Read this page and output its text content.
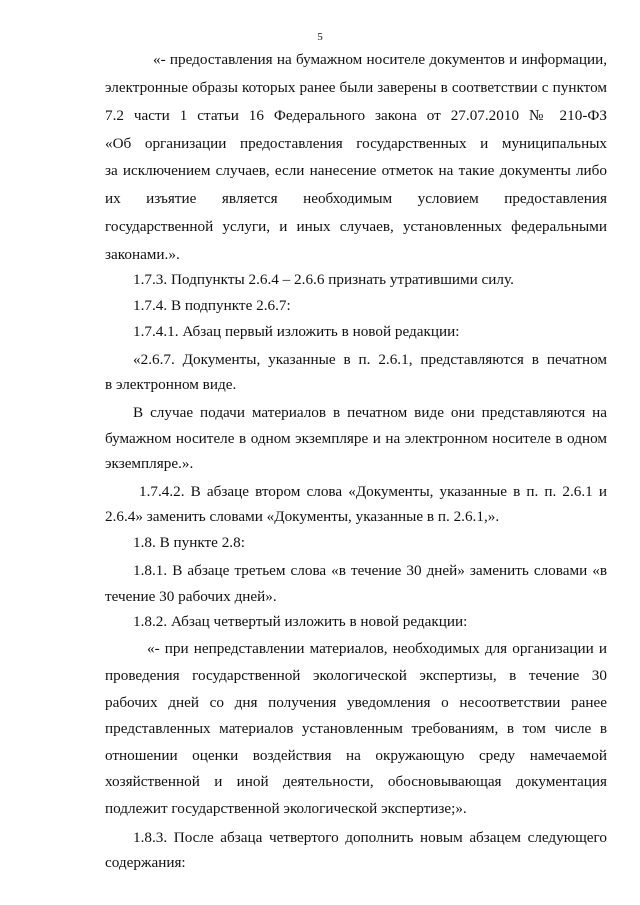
5

«- предоставления на бумажном носителе документов и информации,

электронные образы которых ранее были заверены в соответствии с пунктом

7.2 части 1 статьи 16 Федерального закона от 27.07.2010 № 210-ФЗ

«Об организации предоставления государственных и муниципальных

за исключением случаев, если нанесение отметок на такие документы либо

их изъятие является необходимым условием предоставления

государственной услуги, и иных случаев, установленных федеральными

законами.».

1.7.3. Подпункты 2.6.4 – 2.6.6 признать утратившими силу.

1.7.4. В подпункте 2.6.7:

1.7.4.1. Абзац первый изложить в новой редакции:

«2.6.7. Документы, указанные в п. 2.6.1, представляются в печатном

в электронном виде.

В случае подачи материалов в печатном виде они представляются на

бумажном носителе в одном экземпляре и на электронном носителе в одном

экземпляре.».

1.7.4.2. В абзаце втором слова «Документы, указанные в п. п. 2.6.1 и

2.6.4» заменить словами «Документы, указанные в п. 2.6.1,».

1.8. В пункте 2.8:

1.8.1. В абзаце третьем слова «в течение 30 дней» заменить словами «в

течение 30 рабочих дней».

1.8.2. Абзац четвертый изложить в новой редакции:

«- при непредставлении материалов, необходимых для организации и

проведения государственной экологической экспертизы, в течение 30

рабочих дней со дня получения уведомления о несоответствии ранее

представленных материалов установленным требованиям, в том числе в

отношении оценки воздействия на окружающую среду намечаемой

хозяйственной и иной деятельности, обосновывающая документация

подлежит государственной экологической экспертизе;».

1.8.3. После абзаца четвертого дополнить новым абзацем следующего

содержания:
